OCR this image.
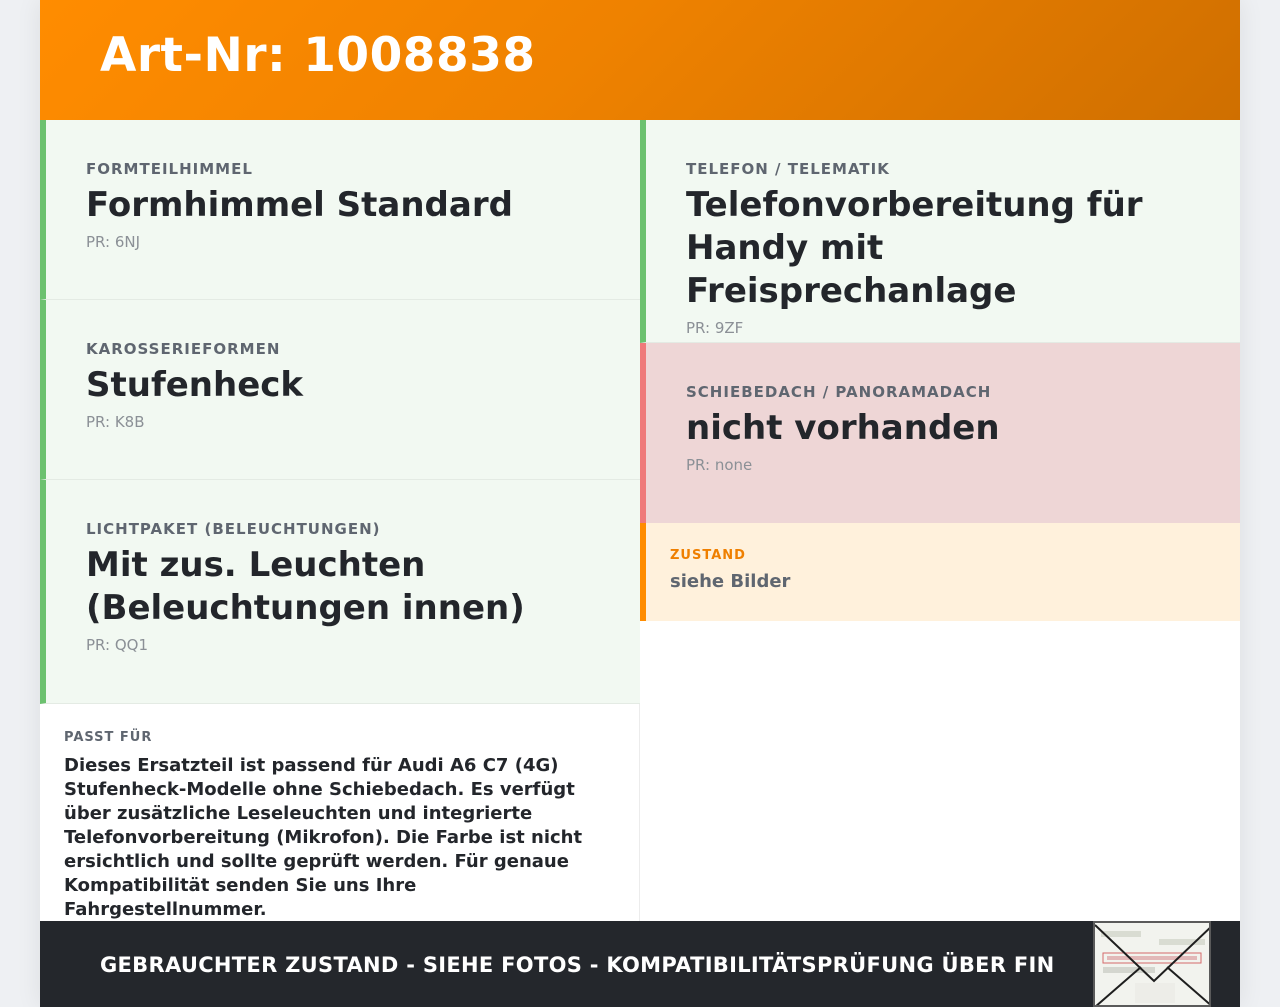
Art-Nr: 1008838
FORMTEILHIMMEL
Formhimmel Standard
PR: 6NJ
KAROSSERIEFORMEN
Stufenheck
PR: K8B
LICHTPAKET (BELEUCHTUNGEN)
Mit zus. Leuchten (Beleuchtungen innen)
PR: QQ1
PASST FÜR
Dieses Ersatzteil ist passend für Audi A6 C7 (4G) Stufenheck-Modelle ohne Schiebedach. Es verfügt über zusätzliche Leseleuchten und integrierte Telefonvorbereitung (Mikrofon). Die Farbe ist nicht ersichtlich und sollte geprüft werden. Für genaue Kompatibilität senden Sie uns Ihre Fahrgestellnummer.
TELEFON / TELEMATIK
Telefonvorbereitung für Handy mit Freisprechanlage
PR: 9ZF
SCHIEBEDACH / PANORAMADACH
nicht vorhanden
PR: none
ZUSTAND
siehe Bilder
GEBRAUCHTER ZUSTAND - SIEHE FOTOS - KOMPATIBILITÄTSPRÜFUNG ÜBER FIN
